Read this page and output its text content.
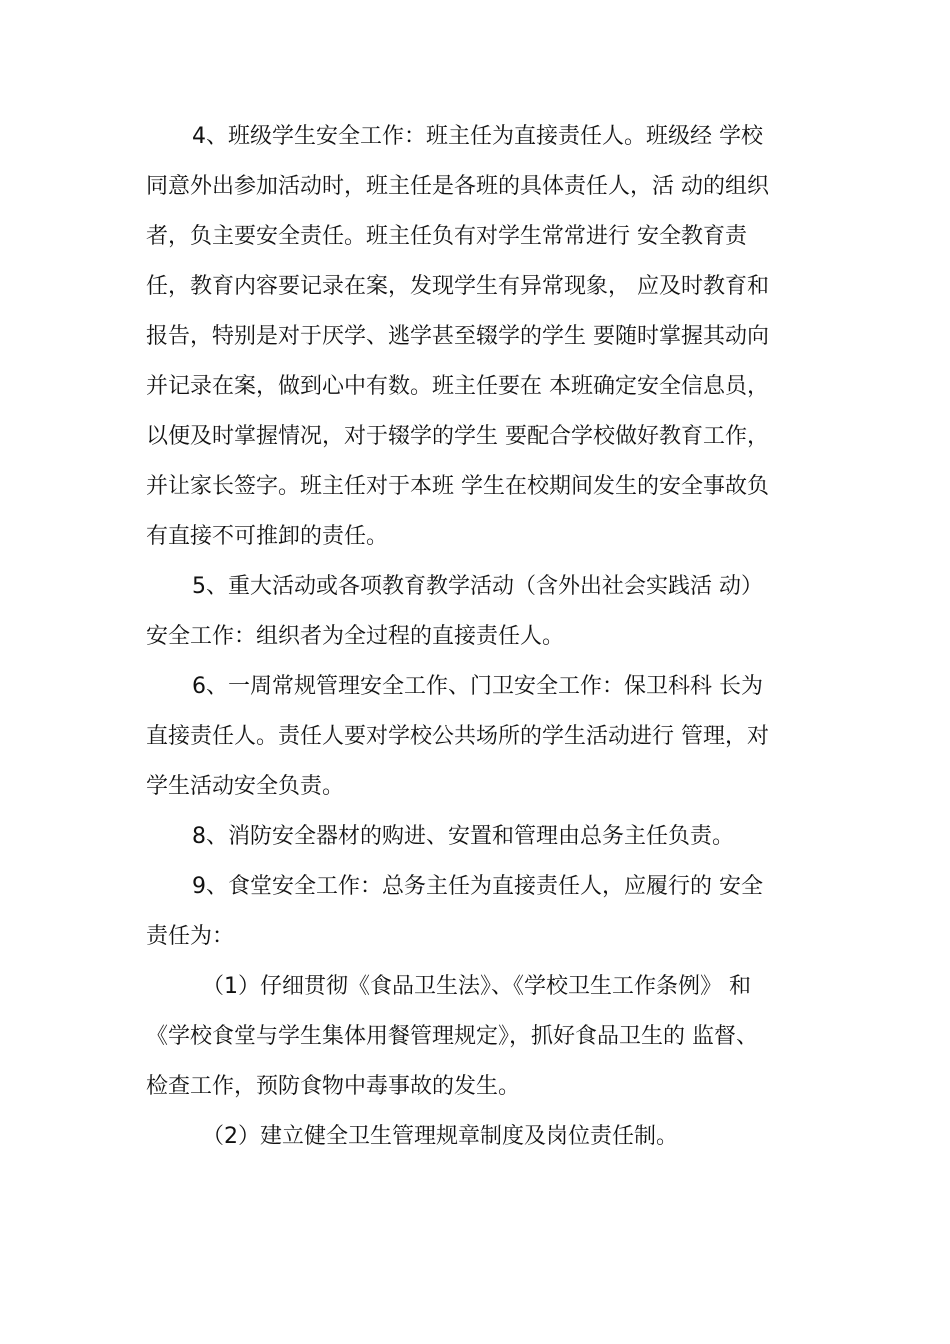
4、班级学生安全工作：班主任为直接责任人。班级经 学校
同意外出参加活动时，班主任是各班的具体责任人，活 动的组织
者，负主要安全责任。班主任负有对学生常常进行 安全教育责
任，教育内容要记录在案，发现学生有异常现象， 应及时教育和
报告，特别是对于厌学、逃学甚至辍学的学生 要随时掌握其动向
并记录在案，做到心中有数。班主任要在 本班确定安全信息员，
以便及时掌握情况，对于辍学的学生 要配合学校做好教育工作，
并让家长签字。班主任对于本班 学生在校期间发生的安全事故负
有直接不可推卸的责任。
5、重大活动或各项教育教学活动（含外出社会实践活 动）
安全工作：组织者为全过程的直接责任人。
6、一周常规管理安全工作、门卫安全工作：保卫科科 长为
直接责任人。责任人要对学校公共场所的学生活动进行 管理，对
学生活动安全负责。
8、消防安全器材的购进、安置和管理由总务主任负责。
9、食堂安全工作：总务主任为直接责任人，应履行的 安全
责任为：
（1）仔细贯彻《食品卫生法》、《学校卫生工作条例》 和
《学校食堂与学生集体用餐管理规定》，抓好食品卫生的 监督、
检查工作，预防食物中毒事故的发生。
（2）建立健全卫生管理规章制度及岗位责任制。
